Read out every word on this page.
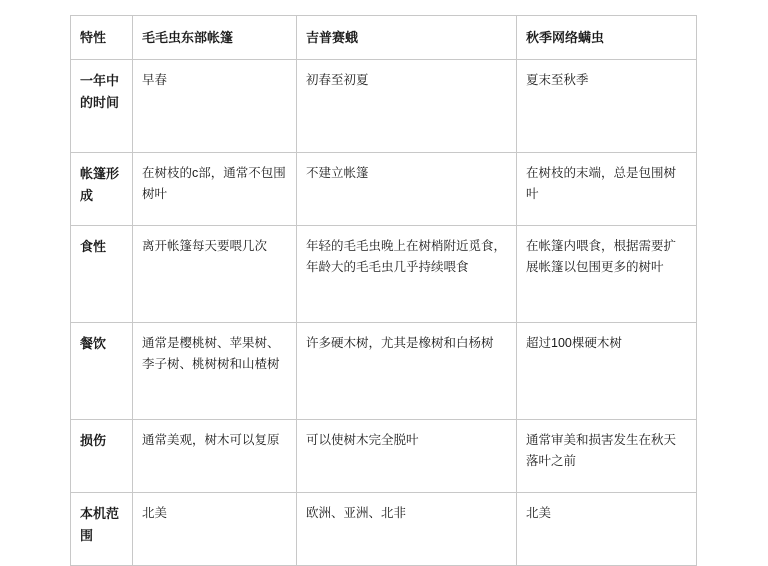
特性	毛毛虫东部帐篷	吉普赛蛾	秋季网络螨虫
一年中的时间	早春	初春至初夏	夏末至秋季
帐篷形成	在树枝的c部，通常不包围树叶	不建立帐篷	在树枝的末端，总是包围树叶
食性	离开帐篷每天要喂几次	年轻的毛毛虫晚上在树梢附近觅食，年龄大的毛毛虫几乎持续喂食	在帐篷内喂食，根据需要扩展帐篷以包围更多的树叶
餐饮	通常是樱桃树、苹果树、李子树、桃树树和山楂树	许多硬木树，尤其是橡树和白杨树	超过100棵硬木树
损伤	通常美观，树木可以复原	可以使树木完全脱叶	通常审美和损害发生在秋天落叶之前
本机范围	北美	欧洲、亚洲、北非	北美
